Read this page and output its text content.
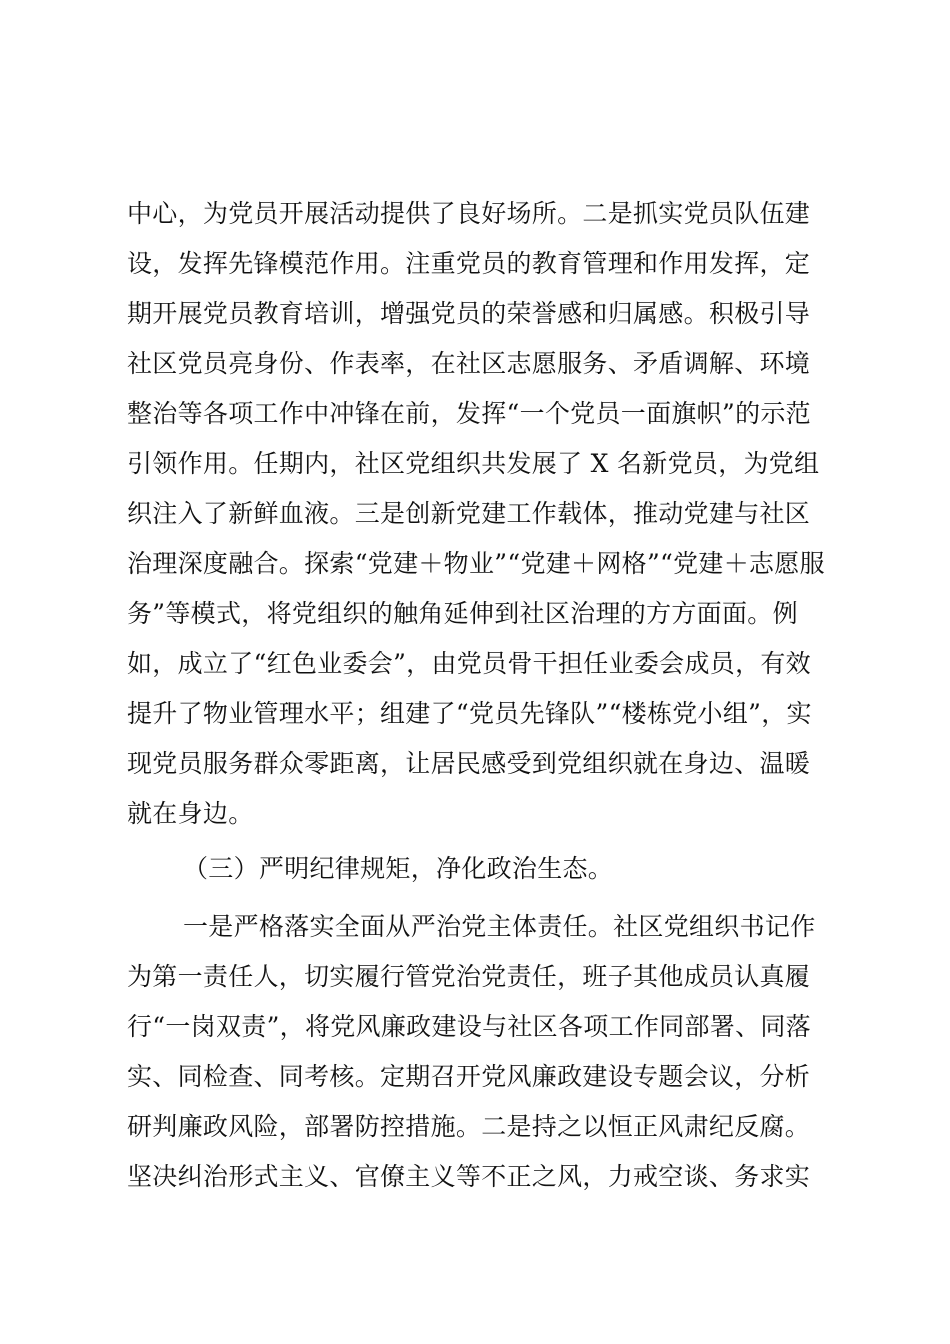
中心，为党员开展活动提供了良好场所。二是抓实党员队伍建
设，发挥先锋模范作用。注重党员的教育管理和作用发挥，定
期开展党员教育培训，增强党员的荣誉感和归属感。积极引导
社区党员亮身份、作表率，在社区志愿服务、矛盾调解、环境
整治等各项工作中冲锋在前，发挥“一个党员一面旗帜”的示范
引领作用。任期内，社区党组织共发展了 X 名新党员，为党组
织注入了新鲜血液。三是创新党建工作载体，推动党建与社区
治理深度融合。探索“党建＋物业”“党建＋网格”“党建＋志愿服
务”等模式，将党组织的触角延伸到社区治理的方方面面。例
如，成立了“红色业委会”，由党员骨干担任业委会成员，有效
提升了物业管理水平；组建了“党员先锋队”“楼栋党小组”，实
现党员服务群众零距离，让居民感受到党组织就在身边、温暖
就在身边。
（三）严明纪律规矩，净化政治生态。
一是严格落实全面从严治党主体责任。社区党组织书记作
为第一责任人，切实履行管党治党责任，班子其他成员认真履
行“一岗双责”，将党风廉政建设与社区各项工作同部署、同落
实、同检查、同考核。定期召开党风廉政建设专题会议，分析
研判廉政风险，部署防控措施。二是持之以恒正风肃纪反腐。
坚决纠治形式主义、官僚主义等不正之风，力戒空谈、务求实
